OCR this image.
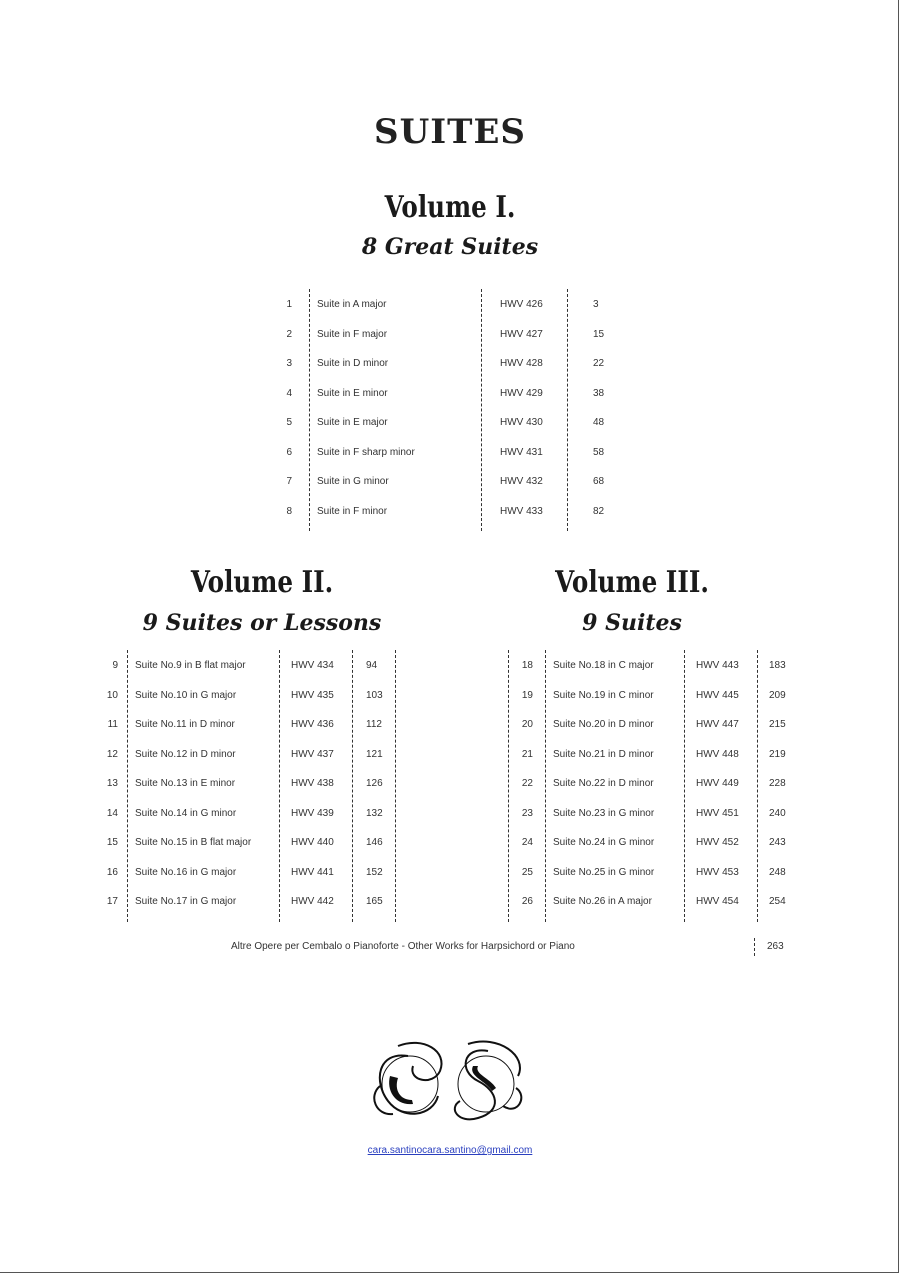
SUITES
Volume I.
8 Great Suites
1	Suite in A major	HWV 426	3
2	Suite in F major	HWV 427	15
3	Suite in D minor	HWV 428	22
4	Suite in E minor	HWV 429	38
5	Suite in E major	HWV 430	48
6	Suite in F sharp minor	HWV 431	58
7	Suite in G minor	HWV 432	68
8	Suite in F minor	HWV 433	82
Volume II.
9 Suites or Lessons
9 Suite No.9 in B flat major	HWV 434	94
10 Suite No.10 in G major	HWV 435	103
11 Suite No.11 in D minor	HWV 436	112
12 Suite No.12 in D minor	HWV 437	121
13 Suite No.13 in E minor	HWV 438	126
14 Suite No.14 in G minor	HWV 439	132
15 Suite No.15 in B flat major	HWV 440	146
16 Suite No.16 in G major	HWV 441	152
17 Suite No.17 in G major	HWV 442	165
Volume III.
9 Suites
18 Suite No.18 in C major	HWV 443	183
19 Suite No.19 in C minor	HWV 445	209
20 Suite No.20 in D minor	HWV 447	215
21 Suite No.21 in D minor	HWV 448	219
22 Suite No.22 in D minor	HWV 449	228
23 Suite No.23 in G minor	HWV 451	240
24 Suite No.24 in G minor	HWV 452	243
25 Suite No.25 in G minor	HWV 453	248
26 Suite No.26 in A major	HWV 454	254
Altre Opere per Cembalo o Pianoforte - Other Works for Harpsichord or Piano	263
cara.santinocara.santino@gmail.com
